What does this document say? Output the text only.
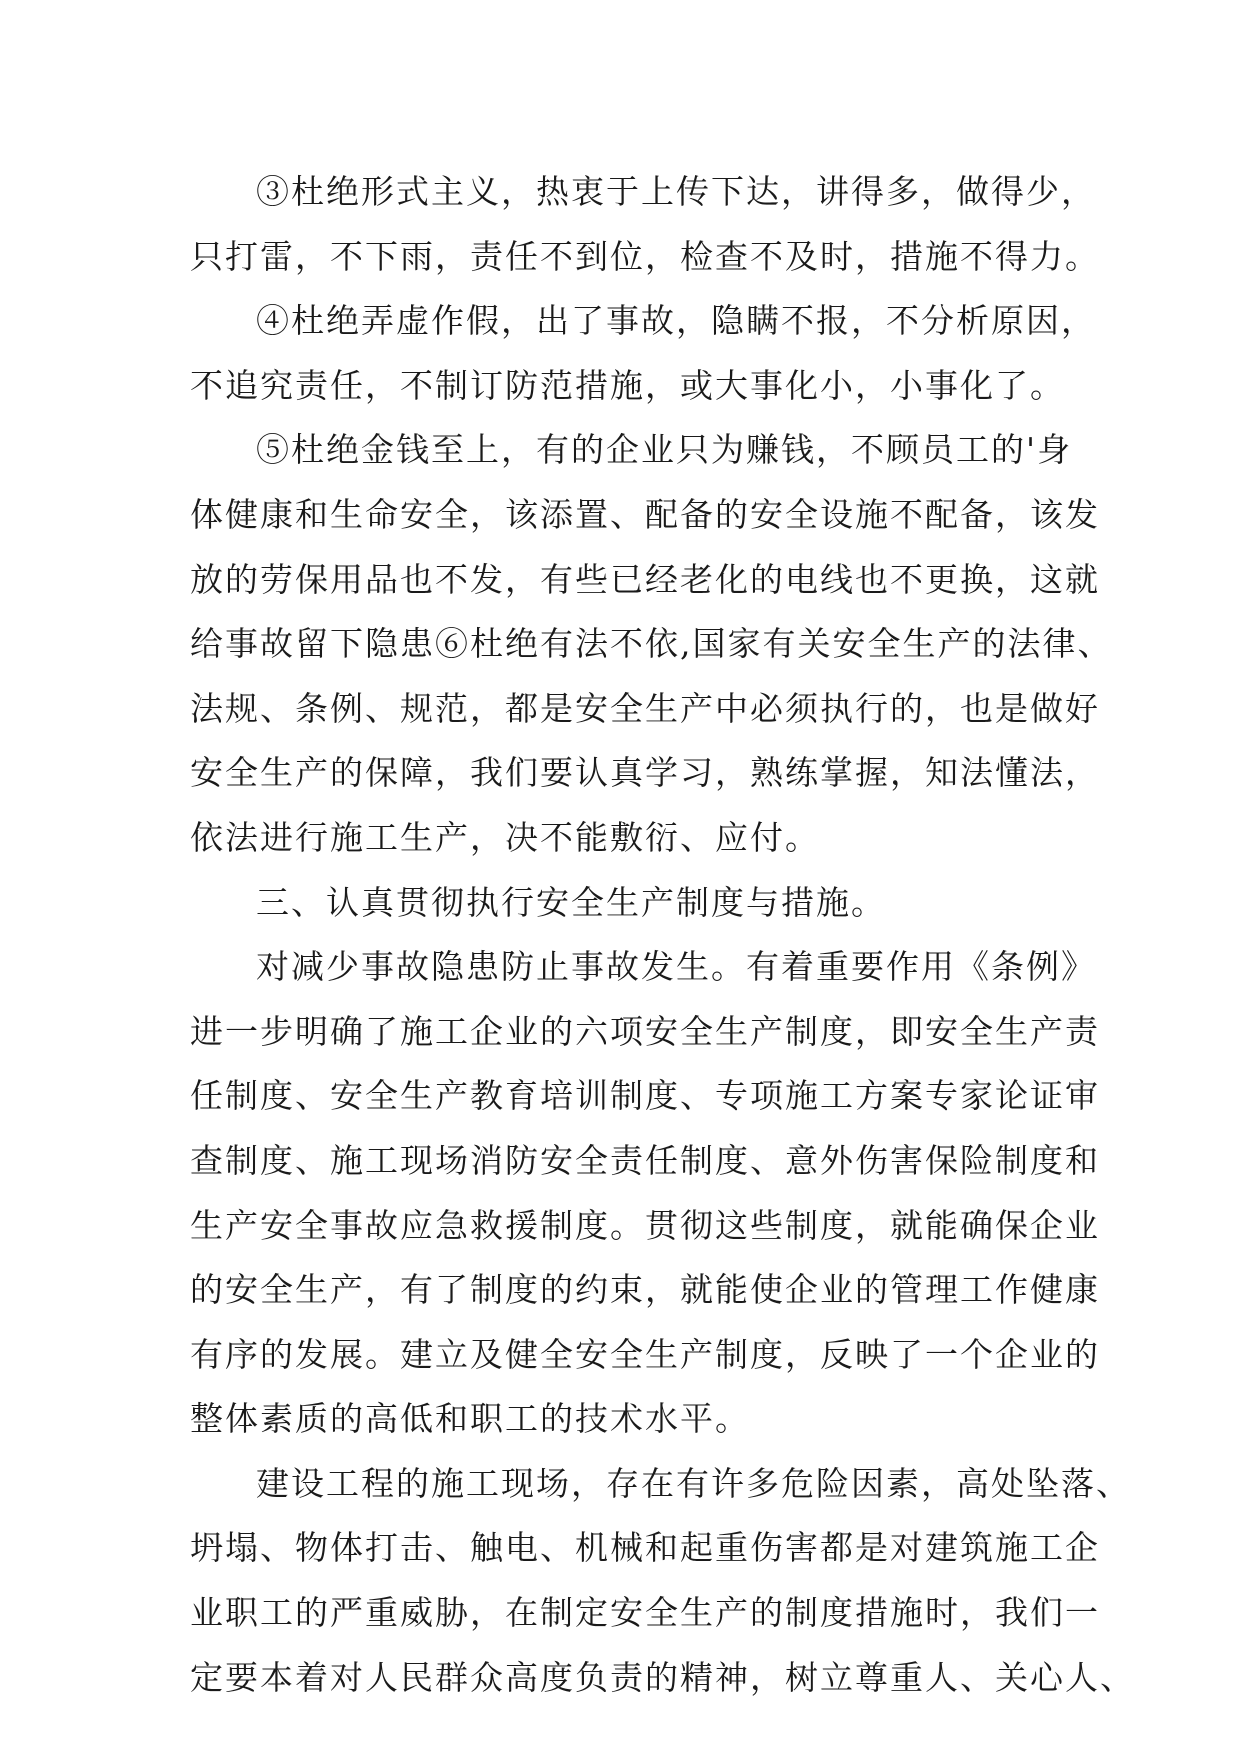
③杜绝形式主义，热衷于上传下达，讲得多，做得少，
只打雷，不下雨，责任不到位，检查不及时，措施不得力。
④杜绝弄虚作假，出了事故，隐瞒不报，不分析原因，
不追究责任，不制订防范措施，或大事化小，小事化了。
⑤杜绝金钱至上，有的企业只为赚钱，不顾员工的'身
体健康和生命安全，该添置、配备的安全设施不配备，该发
放的劳保用品也不发，有些已经老化的电线也不更换，这就
给事故留下隐患⑥杜绝有法不依,国家有关安全生产的法律、
法规、条例、规范，都是安全生产中必须执行的，也是做好
安全生产的保障，我们要认真学习，熟练掌握，知法懂法，
依法进行施工生产，决不能敷衍、应付。
三、认真贯彻执行安全生产制度与措施。
对减少事故隐患防止事故发生。有着重要作用《条例》
进一步明确了施工企业的六项安全生产制度，即安全生产责
任制度、安全生产教育培训制度、专项施工方案专家论证审
查制度、施工现场消防安全责任制度、意外伤害保险制度和
生产安全事故应急救援制度。贯彻这些制度，就能确保企业
的安全生产，有了制度的约束，就能使企业的管理工作健康
有序的发展。建立及健全安全生产制度，反映了一个企业的
整体素质的高低和职工的技术水平。
建设工程的施工现场，存在有许多危险因素，高处坠落、
坍塌、物体打击、触电、机械和起重伤害都是对建筑施工企
业职工的严重威胁，在制定安全生产的制度措施时，我们一
定要本着对人民群众高度负责的精神，树立尊重人、关心人、
